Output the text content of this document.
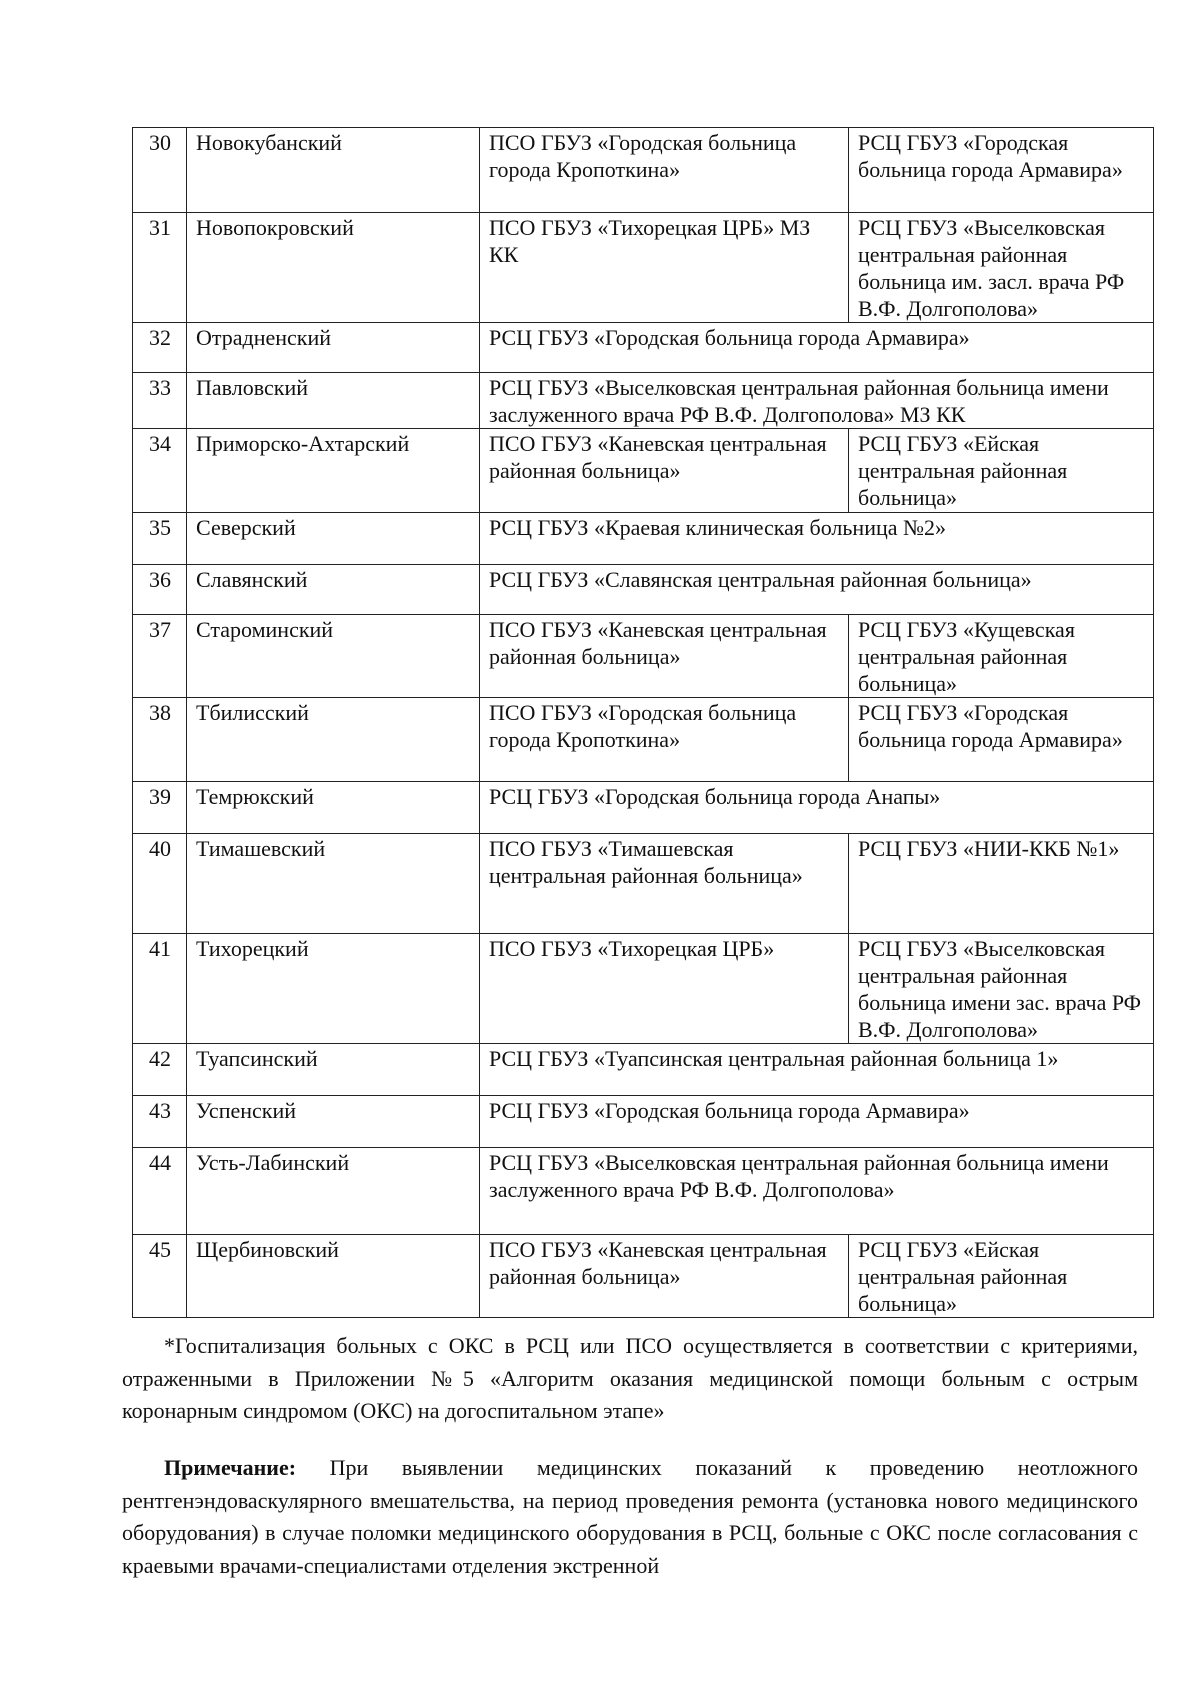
30	Новокубанский	ПСО ГБУЗ «Городская больница города Кропоткина»	РСЦ ГБУЗ «Городская больница города Армавира»
31	Новопокровский	ПСО ГБУЗ «Тихорецкая ЦРБ» МЗ КК	РСЦ ГБУЗ «Выселковская центральная районная больница им. засл. врача РФ В.Ф. Долгополова»
32	Отрадненский	РСЦ ГБУЗ «Городская больница города Армавира»	
33	Павловский	РСЦ ГБУЗ «Выселковская центральная районная больница имени заслуженного врача РФ В.Ф. Долгополова» МЗ КК	
34	Приморско-Ахтарский	ПСО ГБУЗ «Каневская центральная районная больница»	РСЦ ГБУЗ «Ейская центральная районная больница»
35	Северский	РСЦ ГБУЗ «Краевая клиническая больница №2»	
36	Славянский	РСЦ ГБУЗ «Славянская центральная районная больница»	
37	Староминский	ПСО ГБУЗ «Каневская центральная районная больница»	РСЦ ГБУЗ «Кущевская центральная районная больница»
38	Тбилисский	ПСО ГБУЗ «Городская больница города Кропоткина»	РСЦ ГБУЗ «Городская больница города Армавира»
39	Темрюкский	РСЦ ГБУЗ «Городская больница города Анапы»	
40	Тимашевский	ПСО ГБУЗ «Тимашевская центральная районная больница»	РСЦ ГБУЗ «НИИ-ККБ №1»
41	Тихорецкий	ПСО ГБУЗ «Тихорецкая ЦРБ»	РСЦ ГБУЗ «Выселковская центральная районная больница имени зас. врача РФ В.Ф. Долгополова»
42	Туапсинский	РСЦ ГБУЗ «Туапсинская центральная районная больница 1»	
43	Успенский	РСЦ ГБУЗ «Городская больница города Армавира»	
44	Усть-Лабинский	РСЦ ГБУЗ «Выселковская центральная районная больница имени заслуженного врача РФ В.Ф. Долгополова»	
45	Щербиновский	ПСО ГБУЗ «Каневская центральная районная больница»	РСЦ ГБУЗ «Ейская центральная районная больница»

*Госпитализация больных с ОКС в РСЦ или ПСО осуществляется в соответствии с критериями, отраженными в Приложении №5 «Алгоритм оказания медицинской помощи больным с острым коронарным синдромом (ОКС) на догоспитальном этапе»

Примечание: При выявлении медицинских показаний к проведению неотложного рентгенэндоваскулярного вмешательства, на период проведения ремонта (установка нового медицинского оборудования) в случае поломки медицинского оборудования в РСЦ, больные с ОКС после согласования с краевыми врачами-специалистами отделения экстренной
